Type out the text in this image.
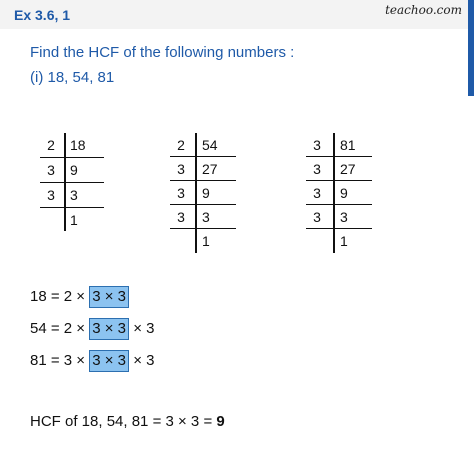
Ex 3.6, 1	teachoo.com
Find the HCF of the following numbers :
(i) 18, 54, 81
2	18
3	9
3	3
1
2	54
3	27
3	9
3	3
1
3	81
3	27
3	9
3	3
1
18 = 2 × 3 × 3
54 = 2 × 3 × 3 × 3
81 = 3 × 3 × 3 × 3
HCF of 18, 54, 81 = 3 × 3 = 9
